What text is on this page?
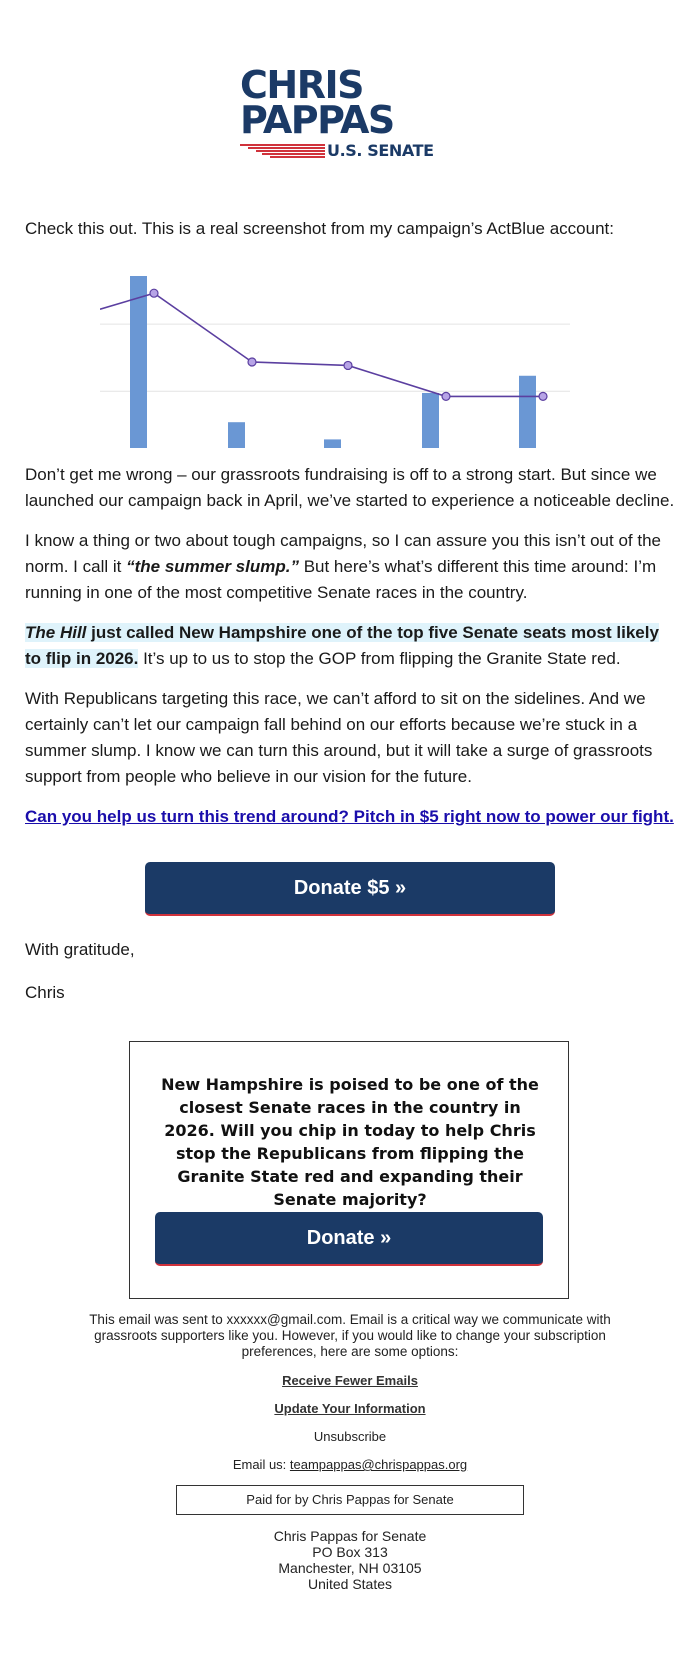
CHRIS
PAPPAS
U.S. SENATE

Check this out. This is a real screenshot from my campaign’s ActBlue account:

Don’t get me wrong – our grassroots fundraising is off to a strong start. But since we launched our campaign back in April, we’ve started to experience a noticeable decline.

I know a thing or two about tough campaigns, so I can assure you this isn’t out of the norm. I call it “the summer slump.” But here’s what’s different this time around: I’m running in one of the most competitive Senate races in the country.

The Hill just called New Hampshire one of the top five Senate seats most likely to flip in 2026. It’s up to us to stop the GOP from flipping the Granite State red.

With Republicans targeting this race, we can’t afford to sit on the sidelines. And we certainly can’t let our campaign fall behind on our efforts because we’re stuck in a summer slump. I know we can turn this around, but it will take a surge of grassroots support from people who believe in our vision for the future.

Can you help us turn this trend around? Pitch in $5 right now to power our fight.
Donate $5 »
With gratitude,
Chris
New Hampshire is poised to be one of the closest Senate races in the country in 2026. Will you chip in today to help Chris stop the Republicans from flipping the Granite State red and expanding their Senate majority?
Donate »
This email was sent to xxxxxx@gmail.com. Email is a critical way we communicate with grassroots supporters like you. However, if you would like to change your subscription preferences, here are some options:
Receive Fewer Emails
Update Your Information
Unsubscribe
Email us: teampappas@chrispappas.org
Paid for by Chris Pappas for Senate
Chris Pappas for Senate
PO Box 313
Manchester, NH 03105
United States
